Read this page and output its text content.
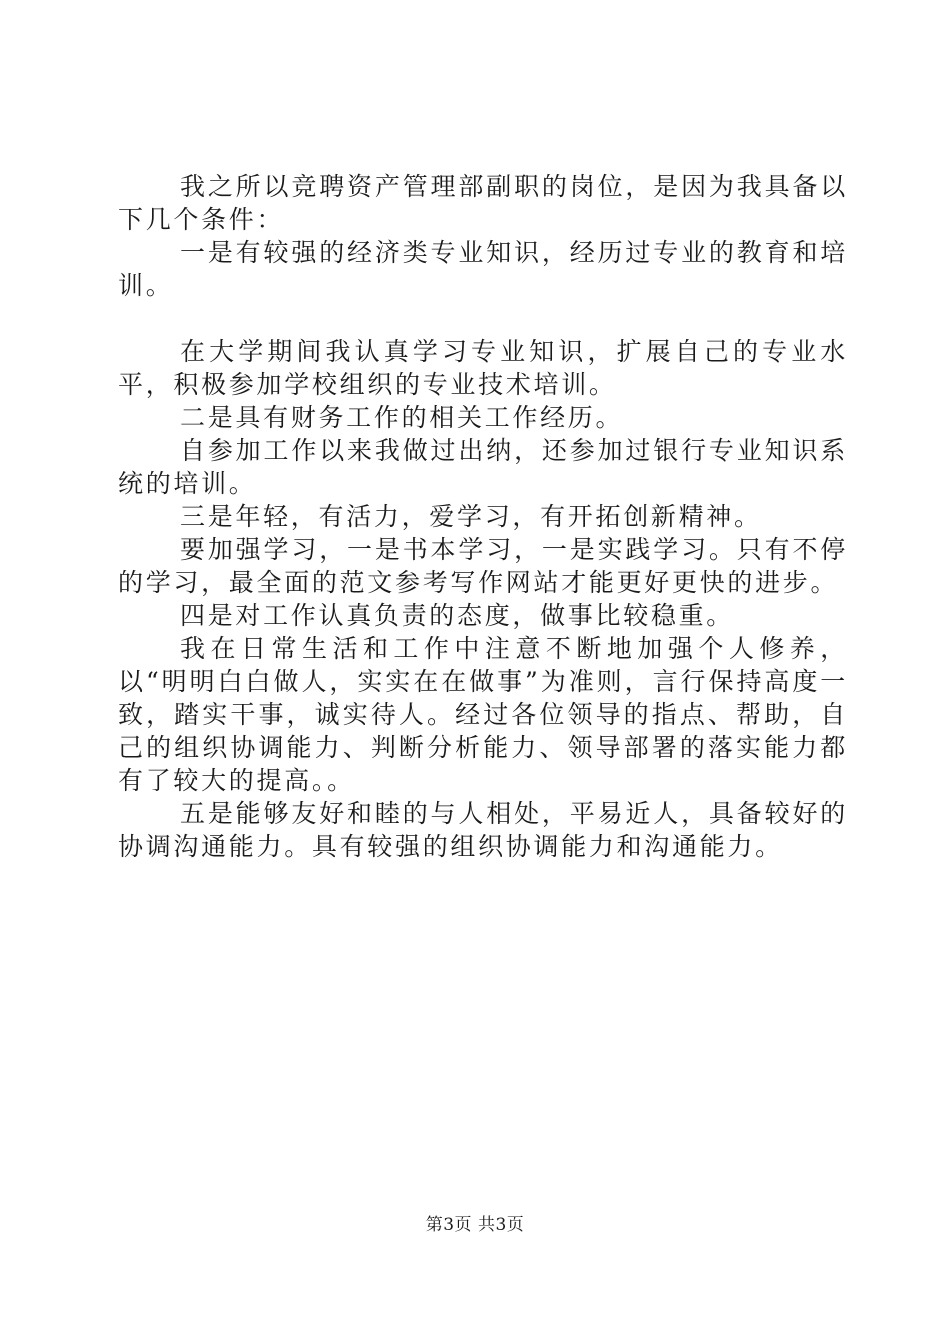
我之所以竞聘资产管理部副职的岗位，是因为我具备以下几个条件：

一是有较强的经济类专业知识，经历过专业的教育和培训。

在大学期间我认真学习专业知识，扩展自己的专业水平，积极参加学校组织的专业技术培训。

二是具有财务工作的相关工作经历。

自参加工作以来我做过出纳，还参加过银行专业知识系统的培训。

三是年轻，有活力，爱学习，有开拓创新精神。

要加强学习，一是书本学习，一是实践学习。只有不停的学习，最全面的范文参考写作网站才能更好更快的进步。

四是对工作认真负责的态度，做事比较稳重。

我在日常生活和工作中注意不断地加强个人修养，以“明明白白做人，实实在在做事”为准则，言行保持高度一致，踏实干事，诚实待人。经过各位领导的指点、帮助，自己的组织协调能力、判断分析能力、领导部署的落实能力都有了较大的提高。。

五是能够友好和睦的与人相处，平易近人，具备较好的协调沟通能力。具有较强的组织协调能力和沟通能力。

第3页 共3页
